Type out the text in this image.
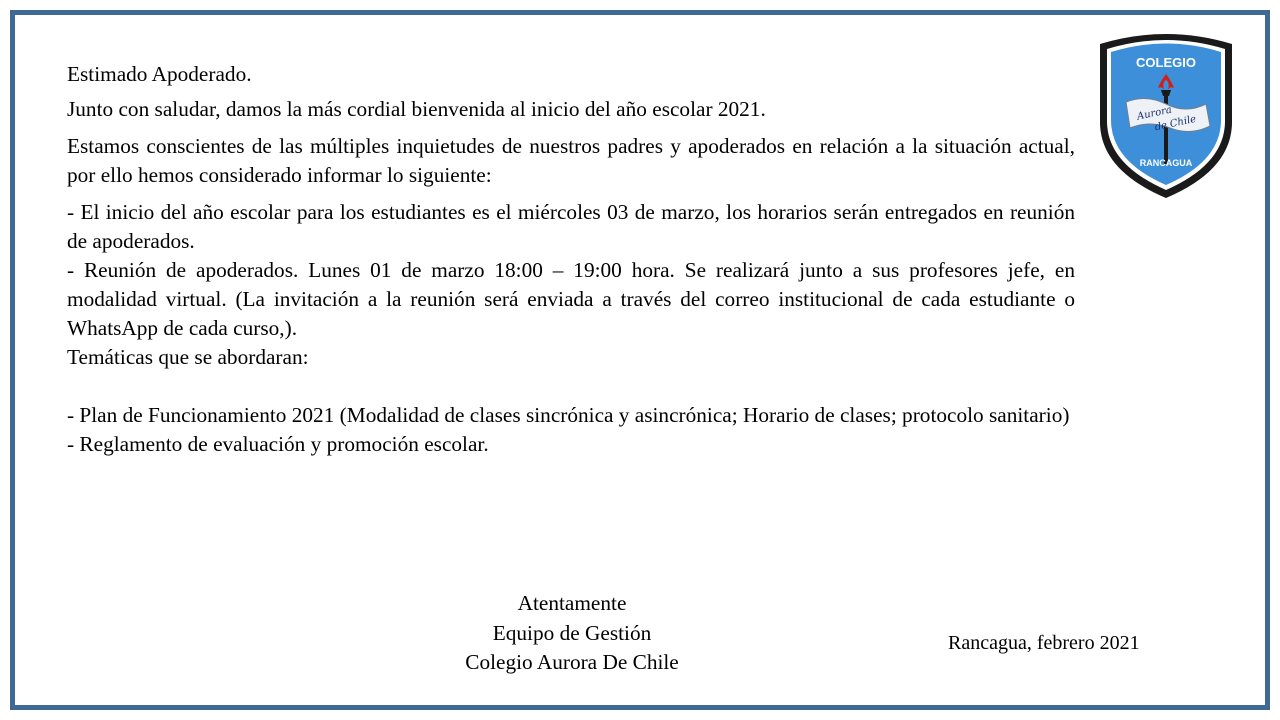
Estimado Apoderado.

Junto con saludar, damos la más cordial bienvenida al inicio del año escolar 2021.

Estamos conscientes de las múltiples inquietudes de nuestros padres y apoderados en relación a la situación actual, por ello hemos considerado informar lo siguiente:

- El inicio del año escolar para los estudiantes es el miércoles 03 de marzo, los horarios serán entregados en reunión de apoderados.

- Reunión de apoderados. Lunes 01 de marzo 18:00 – 19:00 hora. Se realizará junto a sus profesores jefe, en modalidad virtual. (La invitación a la reunión será enviada a través del correo institucional de cada estudiante o WhatsApp de cada curso,).

Temáticas que se abordaran:

- Plan de Funcionamiento 2021 (Modalidad de clases sincrónica y asincrónica; Horario de clases; protocolo sanitario)

- Reglamento de evaluación y promoción escolar.

Atentamente
Equipo de Gestión
Colegio Aurora De Chile
Rancagua, febrero 2021
COLEGIO
Aurora
de Chile
RANCAGUA
